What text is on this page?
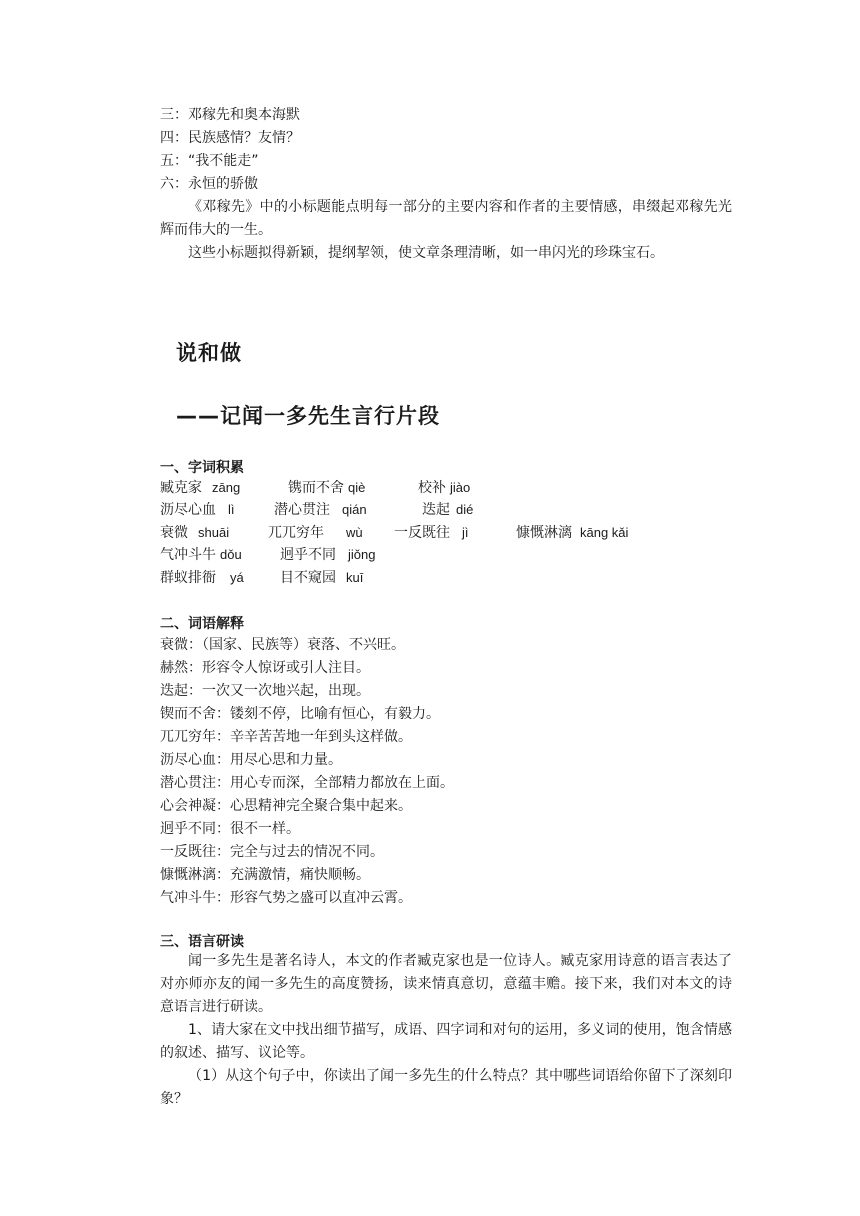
三：邓稼先和奥本海默
四：民族感情？友情？
五：“我不能走”
六：永恒的骄傲
《邓稼先》中的小标题能点明每一部分的主要内容和作者的主要情感，串缀起邓稼先光辉而伟大的一生。
这些小标题拟得新颖，提纲挈领，使文章条理清晰，如一串闪光的珍珠宝石。
说和做
——记闻一多先生言行片段
一、字词积累
臧克家 zāng	镌而不舍 qiè	校补 jiào
沥尽心血 lì	潜心贯注 qián	迭起 dié
衰微 shuāi	兀兀穷年 wù 一反既往 jì	慷慨淋漓 kāng kǎi
气冲斗牛 dǒu	迥乎不同 jiǒng
群蚁排衙 yá	目不窥园 kuī
二、词语解释
衰微：（国家、民族等）衰落、不兴旺。
赫然：形容令人惊讶或引人注目。
迭起：一次又一次地兴起，出现。
锲而不舍：镂刻不停，比喻有恒心，有毅力。
兀兀穷年：辛辛苦苦地一年到头这样做。
沥尽心血：用尽心思和力量。
潜心贯注：用心专而深，全部精力都放在上面。
心会神凝：心思精神完全聚合集中起来。
迥乎不同：很不一样。
一反既往：完全与过去的情况不同。
慷慨淋漓：充满激情，痛快顺畅。
气冲斗牛：形容气势之盛可以直冲云霄。
三、语言研读
闻一多先生是著名诗人，本文的作者臧克家也是一位诗人。臧克家用诗意的语言表达了对亦师亦友的闻一多先生的高度赞扬，读来情真意切，意蕴丰赡。接下来，我们对本文的诗意语言进行研读。
1、请大家在文中找出细节描写，成语、四字词和对句的运用，多义词的使用，饱含情感的叙述、描写、议论等。
（1）从这个句子中，你读出了闻一多先生的什么特点？其中哪些词语给你留下了深刻印象？
